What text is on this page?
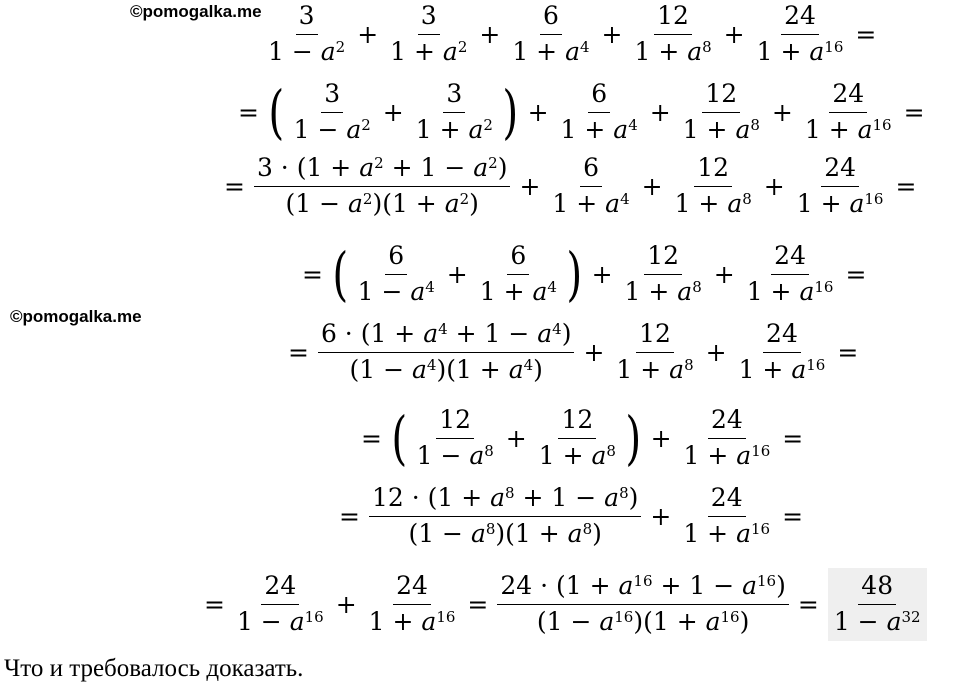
©pomogalka.me
©pomogalka.me
$\frac{3}{1 - a^2} + \frac{3}{1 + a^2} + \frac{6}{1 + a^4} + \frac{12}{1 + a^8} + \frac{24}{1 + a^{16}}$ =
= ( $\frac{3}{1 - a^2} + \frac{3}{1 + a^2}$ ) + $\frac{6}{1 + a^4} + \frac{12}{1 + a^8} + \frac{24}{1 + a^{16}}$ =
= $\frac{3 \cdot (1 + a^2 + 1 - a^2)}{(1 - a^2)(1 + a^2)} + \frac{6}{1 + a^4} + \frac{12}{1 + a^8} + \frac{24}{1 + a^{16}}$ =
= ( $\frac{6}{1 - a^4} + \frac{6}{1 + a^4}$ ) + $\frac{12}{1 + a^8} + \frac{24}{1 + a^{16}}$ =
= $\frac{6 \cdot (1 + a^4 + 1 - a^4)}{(1 - a^4)(1 + a^4)} + \frac{12}{1 + a^8} + \frac{24}{1 + a^{16}}$ =
= ( $\frac{12}{1 - a^8} + \frac{12}{1 + a^8}$ ) + $\frac{24}{1 + a^{16}}$ =
= $\frac{12 \cdot (1 + a^8 + 1 - a^8)}{(1 - a^8)(1 + a^8)} + \frac{24}{1 + a^{16}}$ =
= $\frac{24}{1 - a^{16}} + \frac{24}{1 + a^{16}} = \frac{24 \cdot (1 + a^{16} + 1 - a^{16})}{(1 - a^{16})(1 + a^{16})} = \frac{48}{1 - a^{32}}$
Что и требовалось доказать.
